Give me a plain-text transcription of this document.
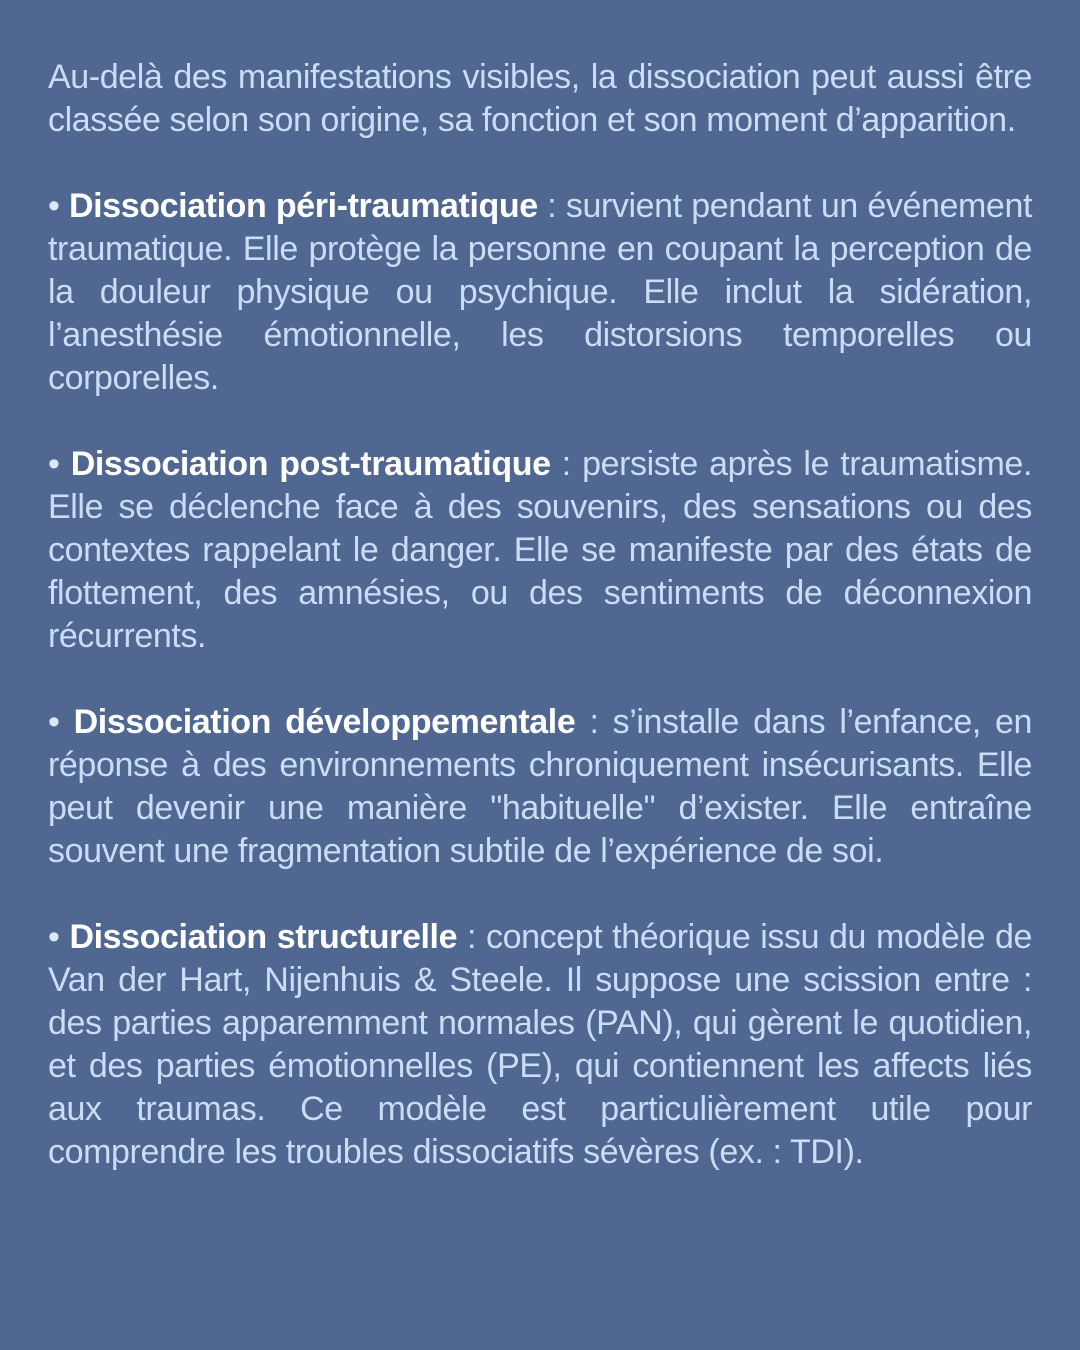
Au-delà des manifestations visibles, la dissociation peut aussi être classée selon son origine, sa fonction et son moment d’apparition.

• Dissociation péri-traumatique : survient pendant un événement traumatique. Elle protège la personne en coupant la perception de la douleur physique ou psychique. Elle inclut la sidération, l’anesthésie émotionnelle, les distorsions temporelles ou corporelles.

• Dissociation post-traumatique : persiste après le traumatisme. Elle se déclenche face à des souvenirs, des sensations ou des contextes rappelant le danger. Elle se manifeste par des états de flottement, des amnésies, ou des sentiments de déconnexion récurrents.

• Dissociation développementale : s’installe dans l’enfance, en réponse à des environnements chroniquement insécurisants. Elle peut devenir une manière "habituelle" d’exister. Elle entraîne souvent une fragmentation subtile de l’expérience de soi.

• Dissociation structurelle : concept théorique issu du modèle de Van der Hart, Nijenhuis & Steele. Il suppose une scission entre : des parties apparemment normales (PAN), qui gèrent le quotidien, et des parties émotionnelles (PE), qui contiennent les affects liés aux traumas. Ce modèle est particulièrement utile pour comprendre les troubles dissociatifs sévères (ex. : TDI).
